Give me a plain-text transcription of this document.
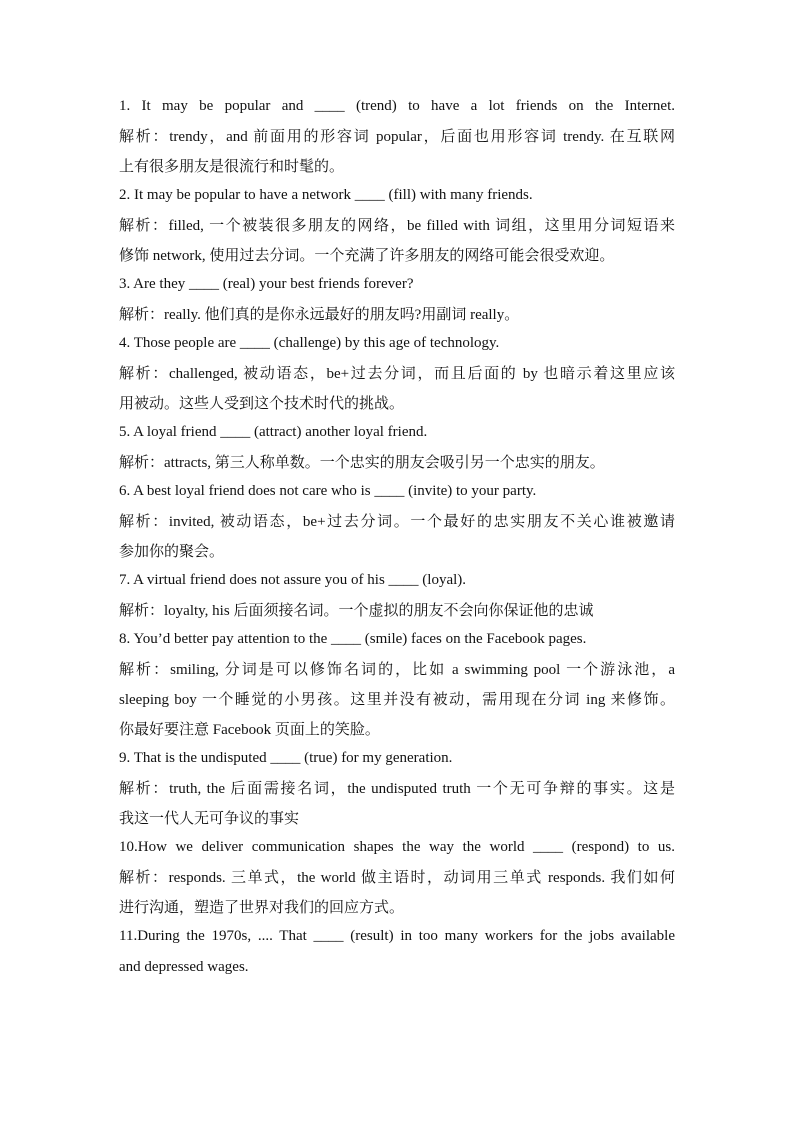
1. It may be popular and ____ (trend) to have a lot friends on the Internet.
解析：trendy，and 前面用的形容词 popular，后面也用形容词 trendy. 在互联网
上有很多朋友是很流行和时髦的。
2. It may be popular to have a network ____ (fill) with many friends.
解析：filled, 一个被装很多朋友的网络，be filled with 词组，这里用分词短语来
修饰 network, 使用过去分词。一个充满了许多朋友的网络可能会很受欢迎。
3. Are they ____ (real) your best friends forever?
解析：really. 他们真的是你永远最好的朋友吗?用副词 really。
4. Those people are ____ (challenge) by this age of technology.
解析：challenged, 被动语态，be+过去分词，而且后面的 by 也暗示着这里应该
用被动。这些人受到这个技术时代的挑战。
5. A loyal friend ____ (attract) another loyal friend.
解析：attracts, 第三人称单数。一个忠实的朋友会吸引另一个忠实的朋友。
6. A best loyal friend does not care who is ____ (invite) to your party.
解析：invited, 被动语态，be+过去分词。一个最好的忠实朋友不关心谁被邀请
参加你的聚会。
7. A virtual friend does not assure you of his ____ (loyal).
解析：loyalty, his 后面须接名词。一个虚拟的朋友不会向你保证他的忠诚
8. You’d better pay attention to the ____ (smile) faces on the Facebook pages.
解析：smiling, 分词是可以修饰名词的，比如 a swimming pool 一个游泳池，a
sleeping boy 一个睡觉的小男孩。这里并没有被动，需用现在分词 ing 来修饰。
你最好要注意 Facebook 页面上的笑脸。
9. That is the undisputed ____ (true) for my generation.
解析：truth, the 后面需接名词，the undisputed truth 一个无可争辩的事实。这是
我这一代人无可争议的事实
10.How we deliver communication shapes the way the world ____ (respond) to us.
解析：responds. 三单式，the world 做主语时，动词用三单式 responds. 我们如何
进行沟通，塑造了世界对我们的回应方式。
11.During the 1970s, .... That ____ (result) in too many workers for the jobs available
and depressed wages.
